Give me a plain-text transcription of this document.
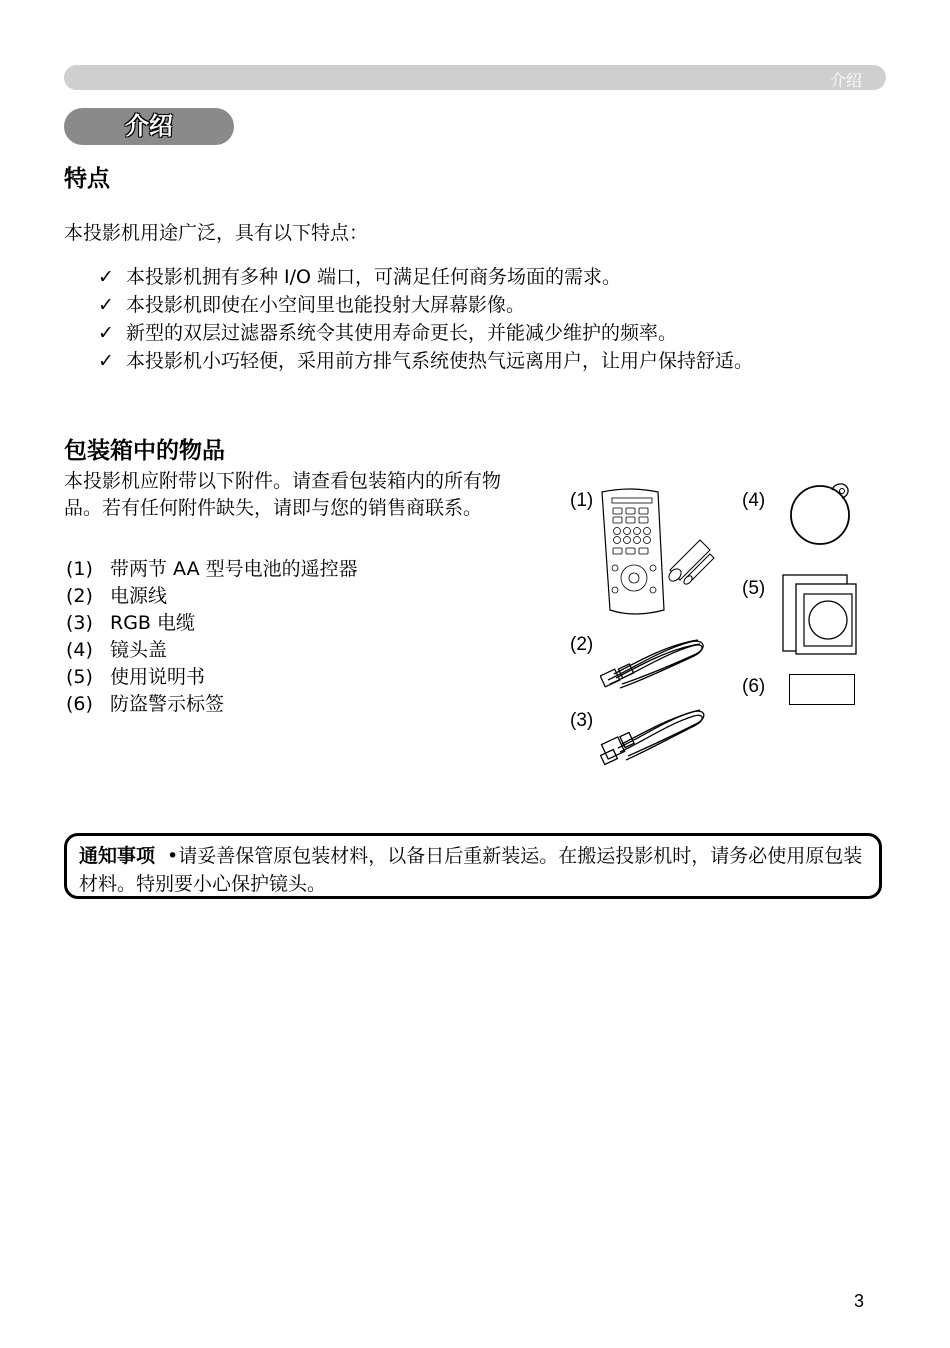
介绍
介绍
特点

本投影机用途广泛，具有以下特点：

✓ 本投影机拥有多种 I/O 端口，可满足任何商务场面的需求。
✓ 本投影机即使在小空间里也能投射大屏幕影像。
✓ 新型的双层过滤器系统令其使用寿命更长，并能减少维护的频率。
✓ 本投影机小巧轻便，采用前方排气系统使热气远离用户，让用户保持舒适。
包装箱中的物品

本投影机应附带以下附件。请查看包装箱内的所有物品。若有任何附件缺失，请即与您的销售商联系。

(1) 带两节 AA 型号电池的遥控器
(2) 电源线
(3) RGB 电缆
(4) 镜头盖
(5) 使用说明书
(6) 防盗警示标签
(1)
(2)
(3)
(4)
(5)
(6)

通知事项 •请妥善保管原包装材料，以备日后重新装运。在搬运投影机时，请务必使用原包装材料。特别要小心保护镜头。

3
